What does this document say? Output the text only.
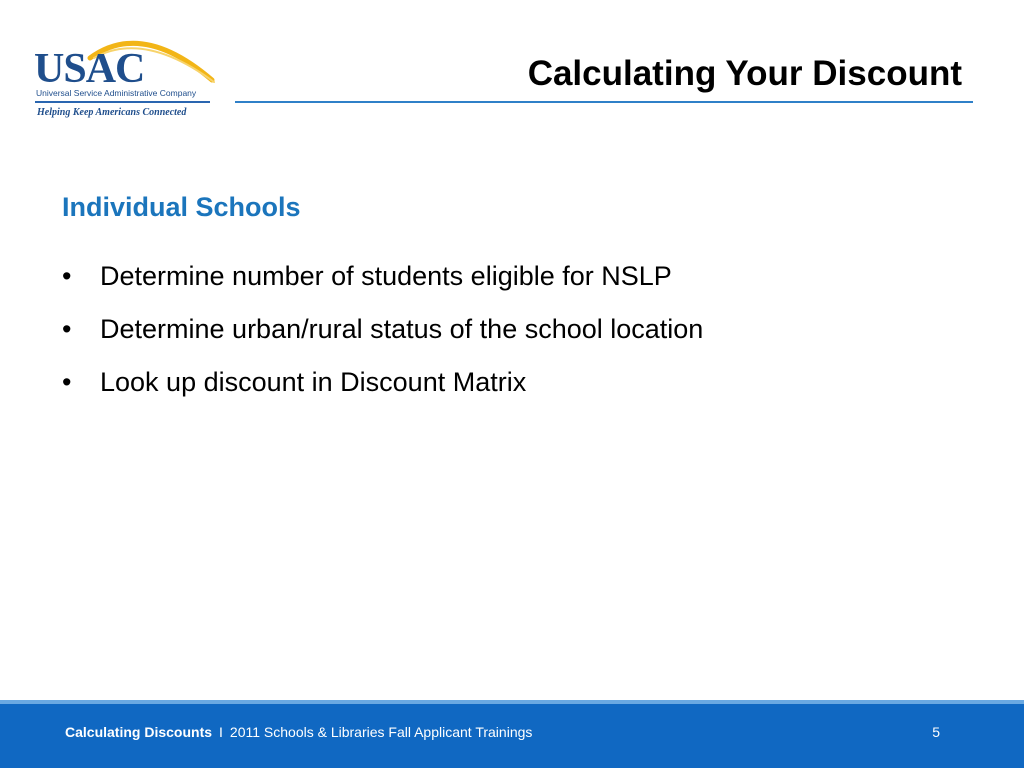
USAC
Universal Service Administrative Company
Helping Keep Americans Connected
Calculating Your Discount
Individual Schools
• Determine number of students eligible for NSLP
• Determine urban/rural status of the school location
• Look up discount in Discount Matrix
Calculating Discounts I 2011 Schools & Libraries Fall Applicant Trainings	5
